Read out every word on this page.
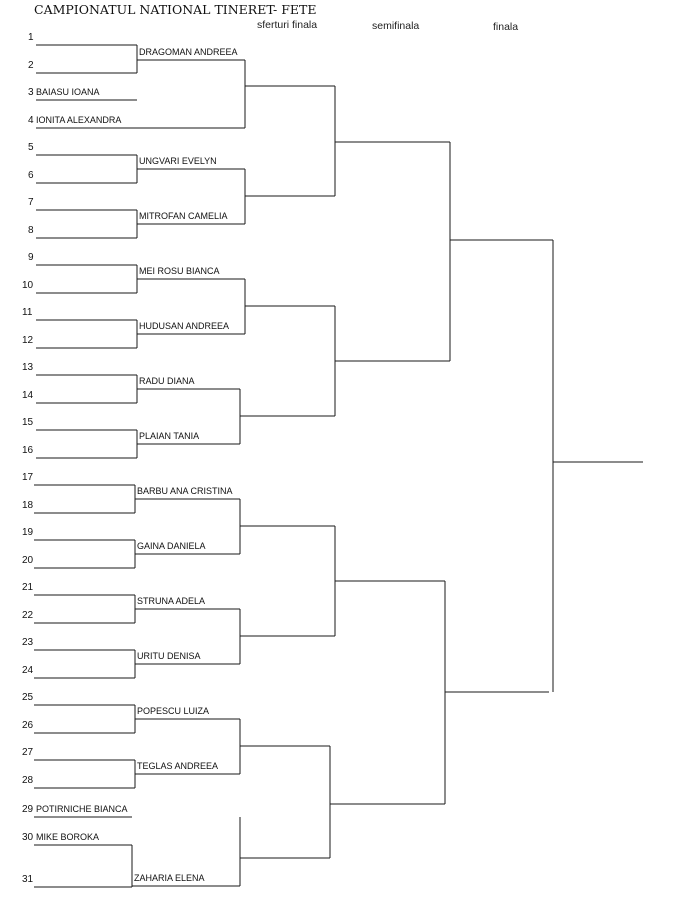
CAMPIONATUL NATIONAL TINERET- FETE
sferturi finala	semifinala	finala
1
2
3 BAIASU IOANA
4 IONITA ALEXANDRA
5
6
7
8
9
10
11
12
13
14
15
16
17
18
19
20
21
22
23
24
25
26
27
28
29 POTIRNICHE BIANCA
30 MIKE BOROKA
31
DRAGOMAN ANDREEA
UNGVARI EVELYN
MITROFAN CAMELIA
MEI ROSU BIANCA
HUDUSAN ANDREEA
RADU DIANA
PLAIAN TANIA
BARBU ANA CRISTINA
GAINA DANIELA
STRUNA ADELA
URITU DENISA
POPESCU LUIZA
TEGLAS ANDREEA
ZAHARIA ELENA
